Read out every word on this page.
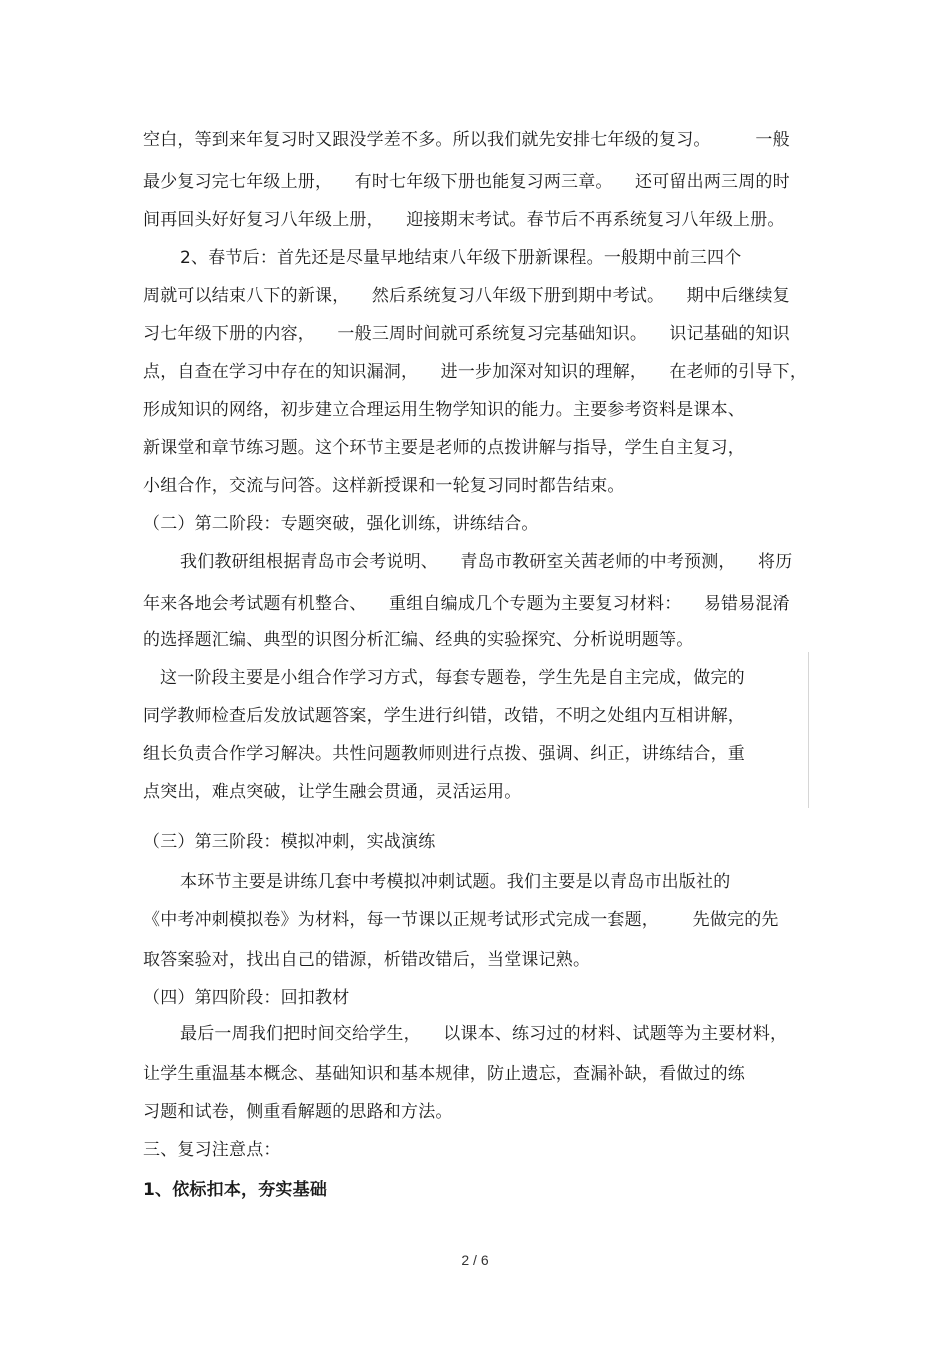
空白，等到来年复习时又跟没学差不多。所以我们就先安排七年级的复习。        一般
最少复习完七年级上册，    有时七年级下册也能复习两三章。    还可留出两三周的时
间再回头好好复习八年级上册，    迎接期末考试。春节后不再系统复习八年级上册。
2、春节后：首先还是尽量早地结束八年级下册新课程。一般期中前三四个
周就可以结束八下的新课，    然后系统复习八年级下册到期中考试。    期中后继续复
习七年级下册的内容，    一般三周时间就可系统复习完基础知识。    识记基础的知识
点，自查在学习中存在的知识漏洞，    进一步加深对知识的理解，    在老师的引导下，
形成知识的网络，初步建立合理运用生物学知识的能力。主要参考资料是课本、
新课堂和章节练习题。这个环节主要是老师的点拨讲解与指导，学生自主复习，
小组合作，交流与问答。这样新授课和一轮复习同时都告结束。
（二）第二阶段：专题突破，强化训练，讲练结合。
我们教研组根据青岛市会考说明、    青岛市教研室关茜老师的中考预测，    将历
年来各地会考试题有机整合、    重组自编成几个专题为主要复习材料：    易错易混淆
的选择题汇编、典型的识图分析汇编、经典的实验探究、分析说明题等。
这一阶段主要是小组合作学习方式，每套专题卷，学生先是自主完成，做完的
同学教师检查后发放试题答案，学生进行纠错，改错，不明之处组内互相讲解，
组长负责合作学习解决。共性问题教师则进行点拨、强调、纠正，讲练结合，重
点突出，难点突破，让学生融会贯通，灵活运用。
（三）第三阶段：模拟冲刺，实战演练
本环节主要是讲练几套中考模拟冲刺试题。我们主要是以青岛市出版社的
《中考冲刺模拟卷》为材料，每一节课以正规考试形式完成一套题，      先做完的先
取答案验对，找出自己的错源，析错改错后，当堂课记熟。
（四）第四阶段：回扣教材
最后一周我们把时间交给学生，    以课本、练习过的材料、试题等为主要材料，
让学生重温基本概念、基础知识和基本规律，防止遗忘，查漏补缺，看做过的练
习题和试卷，侧重看解题的思路和方法。
三、复习注意点：
1、依标扣本，夯实基础
2 / 6
